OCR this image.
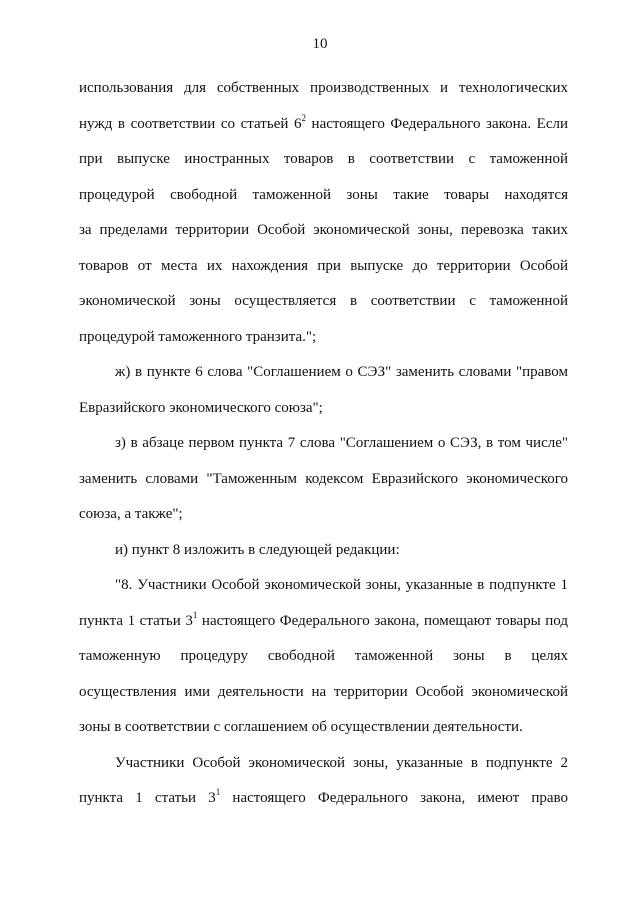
10
использования для собственных производственных и технологических
нужд в соответствии со статьей $6^2$ настоящего Федерального закона. Если
при выпуске иностранных товаров в соответствии с таможенной
процедурой свободной таможенной зоны такие товары находятся
за пределами территории Особой экономической зоны, перевозка таких
товаров от места их нахождения при выпуске до территории Особой
экономической зоны осуществляется в соответствии с таможенной
процедурой таможенного транзита.";
ж) в пункте 6 слова "Соглашением о СЭЗ" заменить словами "правом
Евразийского экономического союза";
з) в абзаце первом пункта 7 слова "Соглашением о СЭЗ, в том числе"
заменить словами "Таможенным кодексом Евразийского экономического
союза, а также";
и) пункт 8 изложить в следующей редакции:
"8. Участники Особой экономической зоны, указанные в подпункте 1
пункта 1 статьи $3^1$ настоящего Федерального закона, помещают товары под
таможенную процедуру свободной таможенной зоны в целях
осуществления ими деятельности на территории Особой экономической
зоны в соответствии с соглашением об осуществлении деятельности.
Участники Особой экономической зоны, указанные в подпункте 2
пункта 1 статьи $3^1$ настоящего Федерального закона, имеют право
